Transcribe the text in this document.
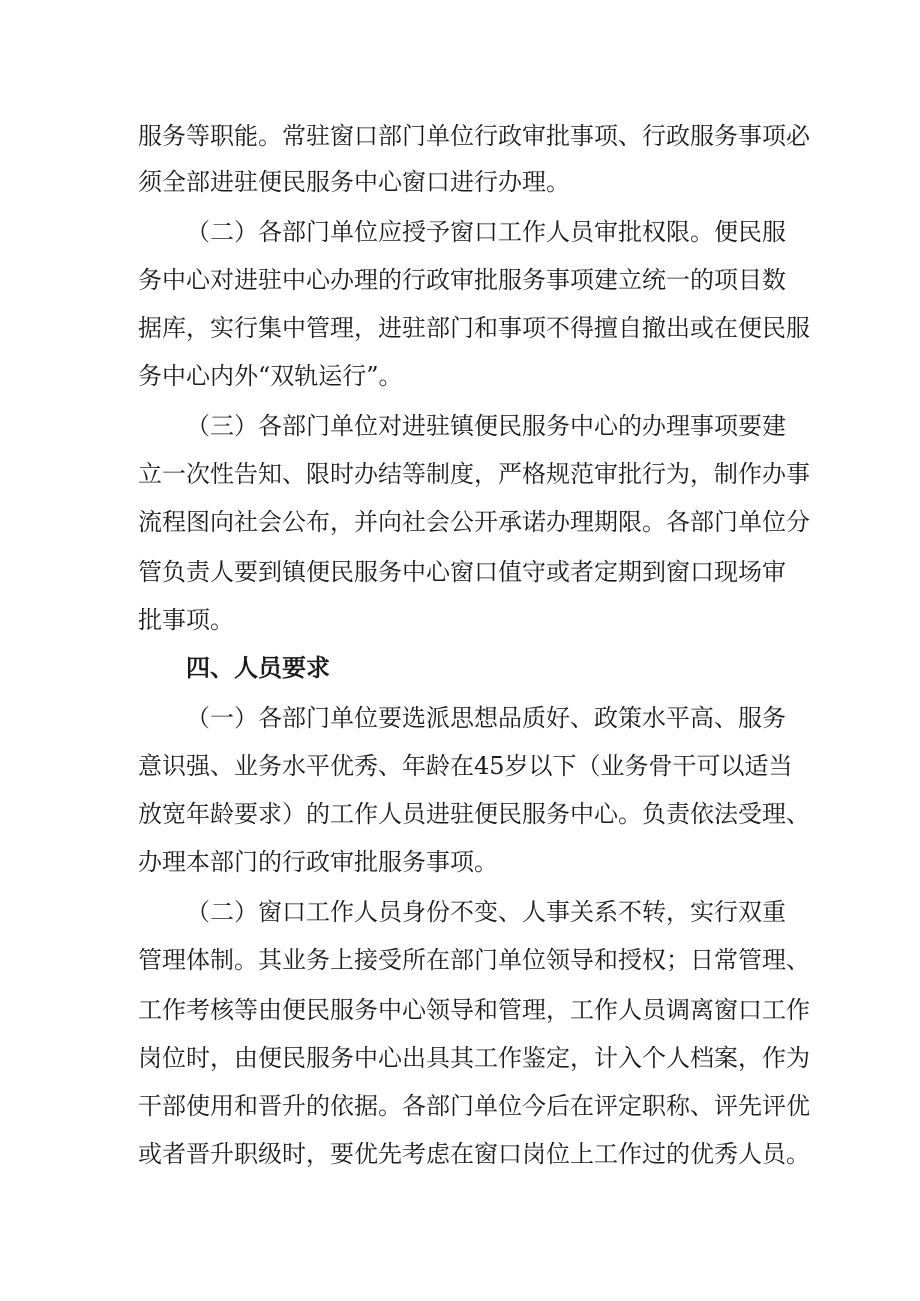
服务等职能。常驻窗口部门单位行政审批事项、行政服务事项必
须全部进驻便民服务中心窗口进行办理。
（二）各部门单位应授予窗口工作人员审批权限。便民服
务中心对进驻中心办理的行政审批服务事项建立统一的项目数
据库，实行集中管理，进驻部门和事项不得擅自撤出或在便民服
务中心内外“双轨运行”。
（三）各部门单位对进驻镇便民服务中心的办理事项要建
立一次性告知、限时办结等制度，严格规范审批行为，制作办事
流程图向社会公布，并向社会公开承诺办理期限。各部门单位分
管负责人要到镇便民服务中心窗口值守或者定期到窗口现场审
批事项。
四、人员要求
（一）各部门单位要选派思想品质好、政策水平高、服务
意识强、业务水平优秀、年龄在45岁以下（业务骨干可以适当
放宽年龄要求）的工作人员进驻便民服务中心。负责依法受理、
办理本部门的行政审批服务事项。
（二）窗口工作人员身份不变、人事关系不转，实行双重
管理体制。其业务上接受所在部门单位领导和授权；日常管理、
工作考核等由便民服务中心领导和管理，工作人员调离窗口工作
岗位时，由便民服务中心出具其工作鉴定，计入个人档案，作为
干部使用和晋升的依据。各部门单位今后在评定职称、评先评优
或者晋升职级时，要优先考虑在窗口岗位上工作过的优秀人员。
